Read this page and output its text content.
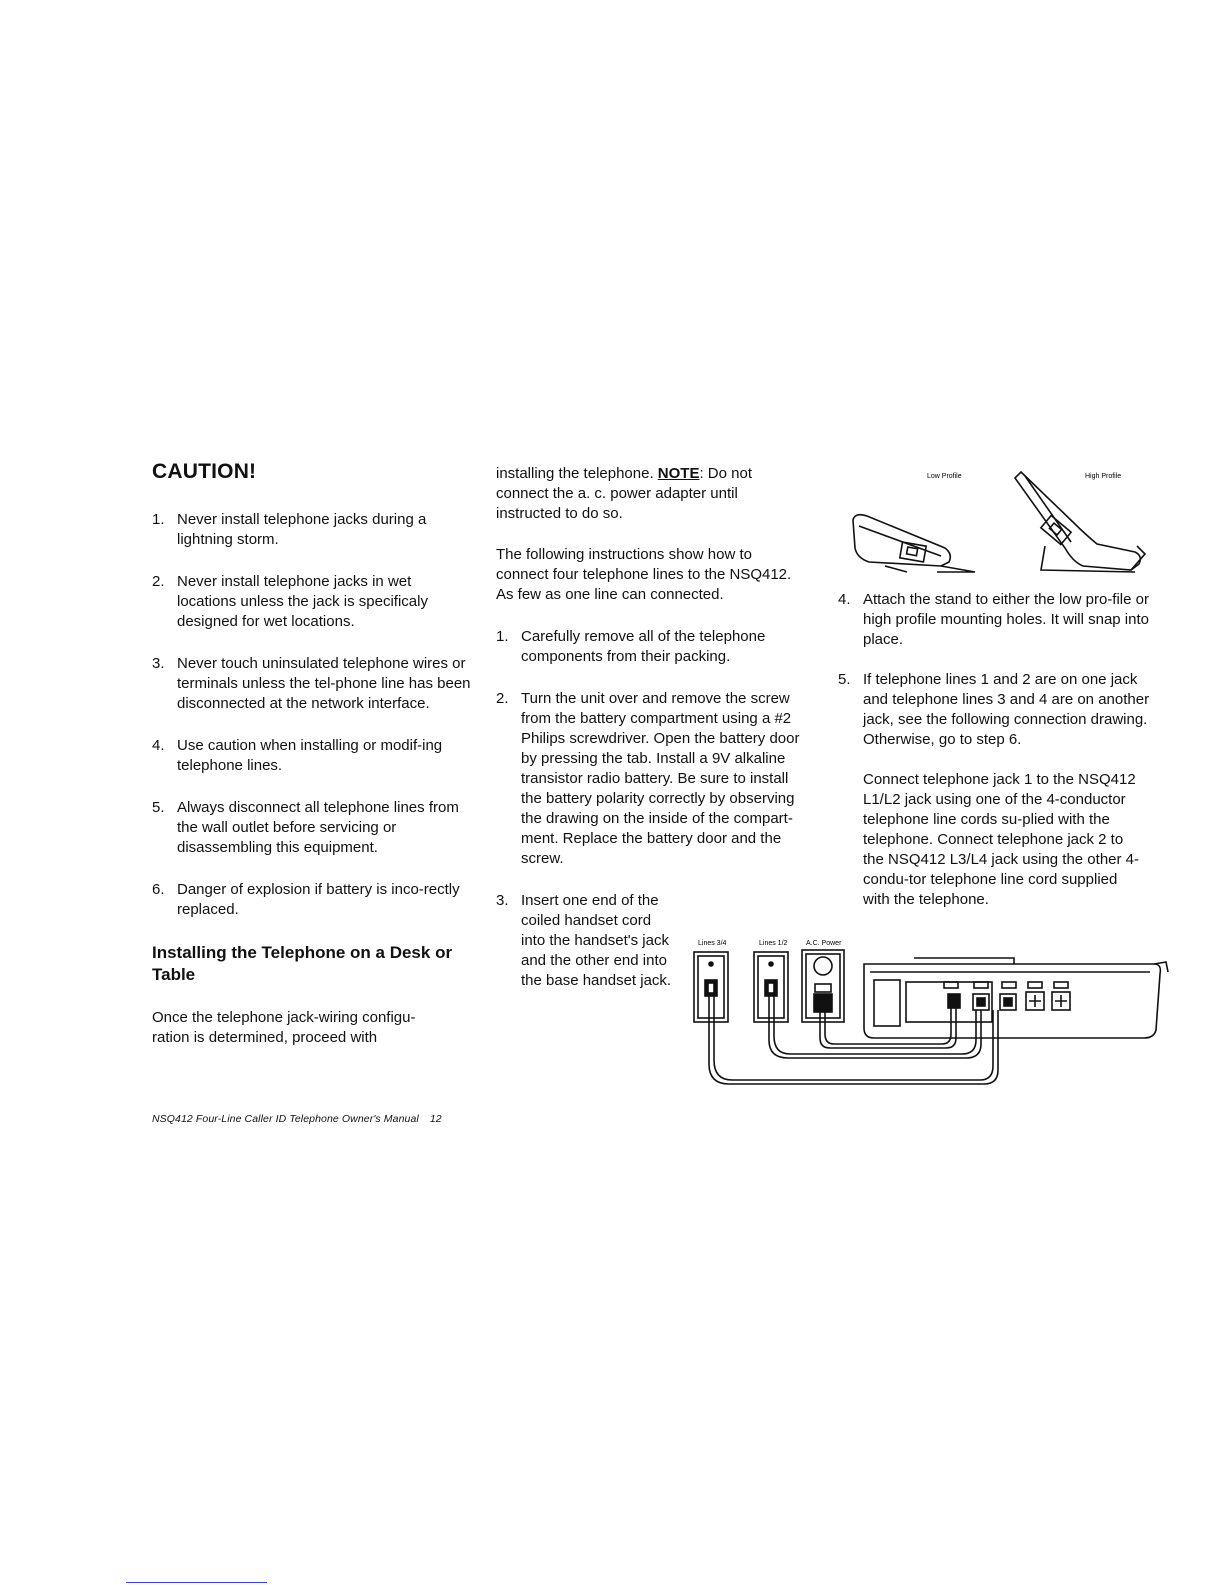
CAUTION!
1. Never install telephone jacks during a lightning storm.
2. Never install telephone jacks in wet locations unless the jack is specificaly designed for wet locations.
3. Never touch uninsulated telephone wires or terminals unless the tel-phone line has been disconnected at the network interface.
4. Use caution when installing or modif-ing telephone lines.
5. Always disconnect all telephone lines from the wall outlet before servicing or disassembling this equipment.
6. Danger of explosion if battery is inco-rectly replaced.
Installing the Telephone on a Desk or Table

Once the telephone jack-wiring configu-ration is determined, proceed with

installing the telephone. NOTE: Do not connect the a. c. power adapter until instructed to do so.

The following instructions show how to connect four telephone lines to the NSQ412. As few as one line can connected.

1. Carefully remove all of the telephone components from their packing.
2. Turn the unit over and remove the screw from the battery compartment using a #2 Philips screwdriver. Open the battery door by pressing the tab. Install a 9V alkaline transistor radio battery. Be sure to install the battery polarity correctly by observing the drawing on the inside of the compart-ment. Replace the battery door and the screw.
3. Insert one end of the coiled handset cord into the handset's jack and the other end into the base handset jack.
4. Attach the stand to either the low pro-file or high profile mounting holes. It will snap into place.
5. If telephone lines 1 and 2 are on one jack and telephone lines 3 and 4 are on another jack, see the following connection drawing. Otherwise, go to step 6.

Connect telephone jack 1 to the NSQ412 L1/L2 jack using one of the 4-conductor telephone line cords su-plied with the telephone. Connect telephone jack 2 to the NSQ412 L3/L4 jack using the other 4-condu-tor telephone line cord supplied with the telephone.

Low Profile	High Profile
Lines 3/4	Lines 1/2	A.C. Power
NSQ412 Four-Line Caller ID Telephone Owner's Manual 12
